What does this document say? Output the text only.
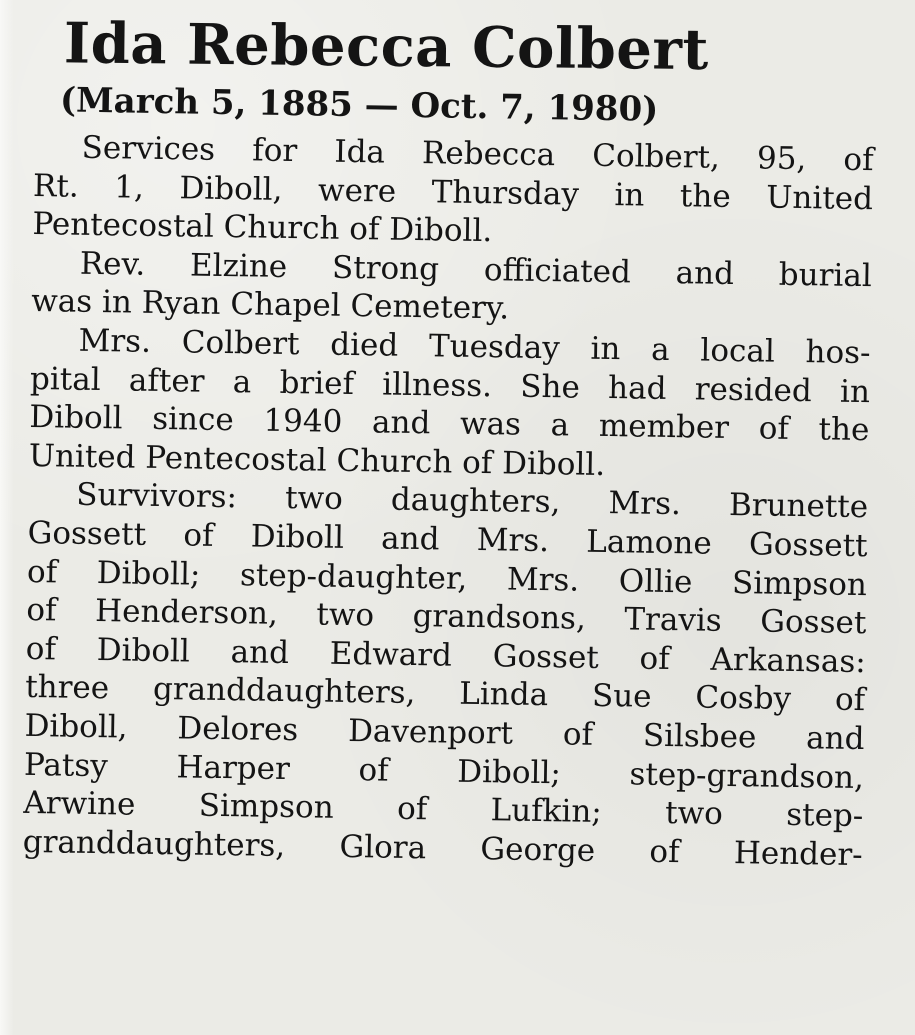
Ida Rebecca Colbert
(March 5, 1885 — Oct. 7, 1980)
Services for Ida Rebecca Colbert, 95, of
Rt. 1, Diboll, were Thursday in the United
Pentecostal Church of Diboll.
Rev. Elzine Strong officiated and burial
was in Ryan Chapel Cemetery.
Mrs. Colbert died Tuesday in a local hos-
pital after a brief illness. She had resided in
Diboll since 1940 and was a member of the
United Pentecostal Church of Diboll.
Survivors: two daughters, Mrs. Brunette
Gossett of Diboll and Mrs. Lamone Gossett
of Diboll; step-daughter, Mrs. Ollie Simpson
of Henderson, two grandsons, Travis Gosset
of Diboll and Edward Gosset of Arkansas:
three granddaughters, Linda Sue Cosby of
Diboll, Delores Davenport of Silsbee and
Patsy Harper of Diboll; step-grandson,
Arwine Simpson of Lufkin; two step-
granddaughters, Glora George of Hender-
